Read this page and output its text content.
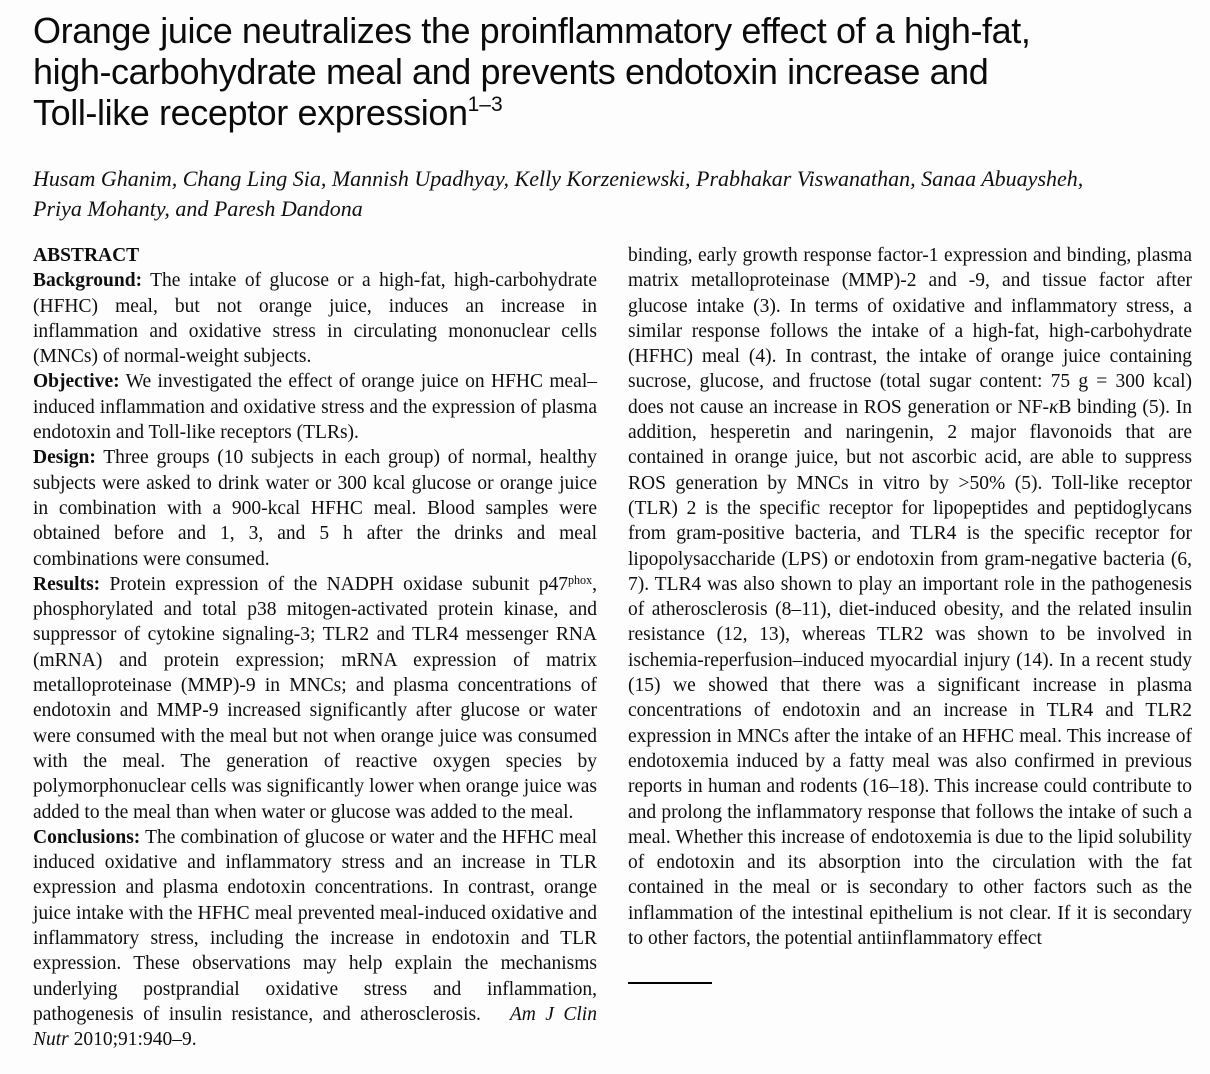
Orange juice neutralizes the proinflammatory effect of a high-fat,
high-carbohydrate meal and prevents endotoxin increase and
Toll-like receptor expression$^{1-3}$
Husam Ghanim, Chang Ling Sia, Mannish Upadhyay, Kelly Korzeniewski, Prabhakar Viswanathan, Sanaa Abuaysheh,
Priya Mohanty, and Paresh Dandona
ABSTRACT

Background: The intake of glucose or a high-fat, high-carbohydrate (HFHC) meal, but not orange juice, induces an increase in inflammation and oxidative stress in circulating mononuclear cells (MNCs) of normal-weight subjects.

Objective: We investigated the effect of orange juice on HFHC meal–induced inflammation and oxidative stress and the expression of plasma endotoxin and Toll-like receptors (TLRs).

Design: Three groups (10 subjects in each group) of normal, healthy subjects were asked to drink water or 300 kcal glucose or orange juice in combination with a 900-kcal HFHC meal. Blood samples were obtained before and 1, 3, and 5 h after the drinks and meal combinations were consumed.

Results: Protein expression of the NADPH oxidase subunit $p47^{phox}$, phosphorylated and total p38 mitogen-activated protein kinase, and suppressor of cytokine signaling-3; TLR2 and TLR4 messenger RNA (mRNA) and protein expression; mRNA expression of matrix metalloproteinase (MMP)-9 in MNCs; and plasma concentrations of endotoxin and MMP-9 increased significantly after glucose or water were consumed with the meal but not when orange juice was consumed with the meal. The generation of reactive oxygen species by polymorphonuclear cells was significantly lower when orange juice was added to the meal than when water or glucose was added to the meal.

Conclusions: The combination of glucose or water and the HFHC meal induced oxidative and inflammatory stress and an increase in TLR expression and plasma endotoxin concentrations. In contrast, orange juice intake with the HFHC meal prevented meal-induced oxidative and inflammatory stress, including the increase in endotoxin and TLR expression. These observations may help explain the mechanisms underlying postprandial oxidative stress and inflammation, pathogenesis of insulin resistance, and atherosclerosis.  Am J Clin Nutr 2010;91:940–9.

binding, early growth response factor-1 expression and binding, plasma matrix metalloproteinase (MMP)-2 and -9, and tissue factor after glucose intake (3). In terms of oxidative and inflammatory stress, a similar response follows the intake of a high-fat, high-carbohydrate (HFHC) meal (4). In contrast, the intake of orange juice containing sucrose, glucose, and fructose (total sugar content: 75 g = 300 kcal) does not cause an increase in ROS generation or NF-κB binding (5). In addition, hesperetin and naringenin, 2 major flavonoids that are contained in orange juice, but not ascorbic acid, are able to suppress ROS generation by MNCs in vitro by >50% (5). Toll-like receptor (TLR) 2 is the specific receptor for lipopeptides and peptidoglycans from gram-positive bacteria, and TLR4 is the specific receptor for lipopolysaccharide (LPS) or endotoxin from gram-negative bacteria (6, 7). TLR4 was also shown to play an important role in the pathogenesis of atherosclerosis (8–11), diet-induced obesity, and the related insulin resistance (12, 13), whereas TLR2 was shown to be involved in ischemia-reperfusion–induced myocardial injury (14). In a recent study (15) we showed that there was a significant increase in plasma concentrations of endotoxin and an increase in TLR4 and TLR2 expression in MNCs after the intake of an HFHC meal. This increase of endotoxemia induced by a fatty meal was also confirmed in previous reports in human and rodents (16–18). This increase could contribute to and prolong the inflammatory response that follows the intake of such a meal. Whether this increase of endotoxemia is due to the lipid solubility of endotoxin and its absorption into the circulation with the fat contained in the meal or is secondary to other factors such as the inflammation of the intestinal epithelium is not clear. If it is secondary to other factors, the potential antiinflammatory effect
